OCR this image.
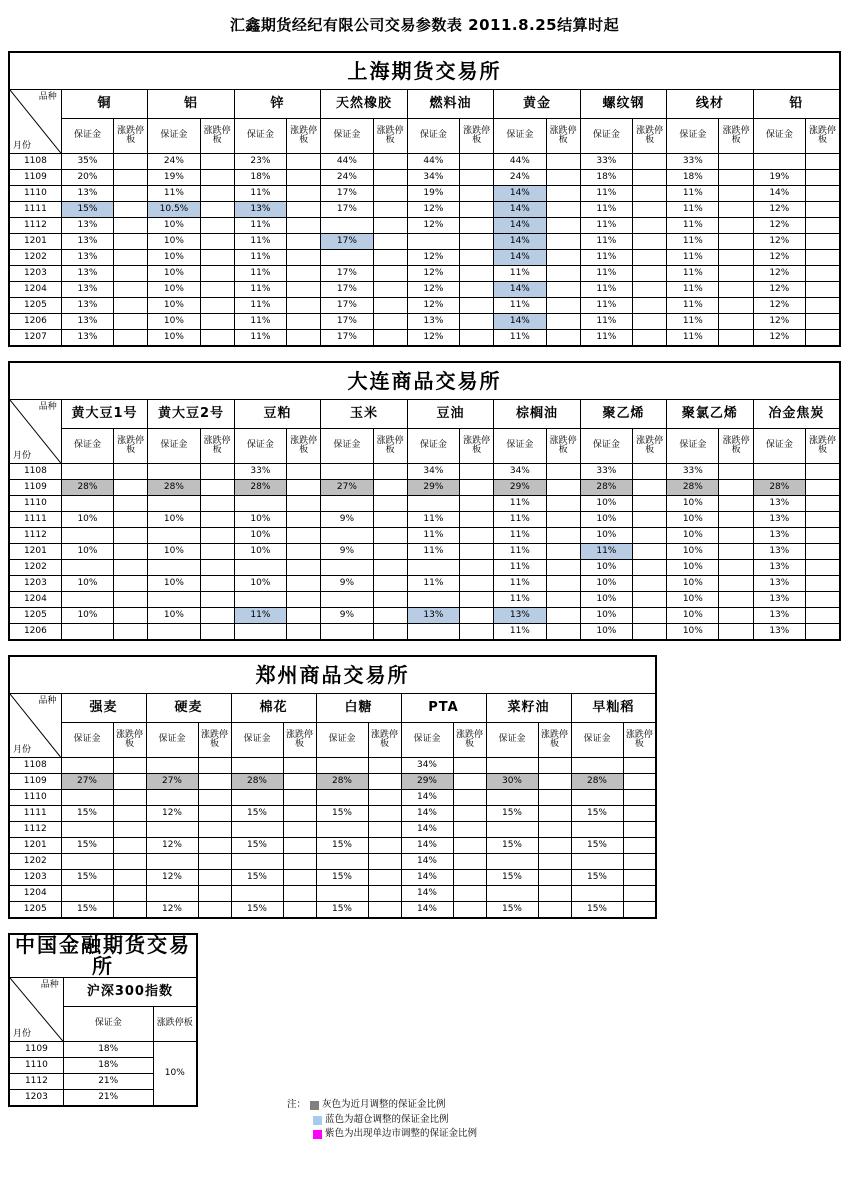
汇鑫期货经纪有限公司交易参数表 2011.8.25结算时起
上海期货交易所																		

品种
月份	铜		铝		锌		天然橡胶		燃料油		黄金		螺纹钢		线材		铅	
	保证金	涨跌停板	保证金	涨跌停板	保证金	涨跌停板	保证金	涨跌停板	保证金	涨跌停板	保证金	涨跌停板	保证金	涨跌停板	保证金	涨跌停板	保证金	涨跌停板
1108	35%		24%		23%		44%		44%		44%		33%		33%			
1109	20%		19%		18%		24%		34%		24%		18%		18%		19%	
1110	13%		11%		11%		17%		19%		14%		11%		11%		14%	
1111	15%		10.5%		13%		17%		12%		14%		11%		11%		12%	
1112	13%		10%		11%				12%		14%		11%		11%		12%	
1201	13%		10%		11%		17%				14%		11%		11%		12%	
1202	13%		10%		11%				12%		14%		11%		11%		12%	
1203	13%		10%		11%		17%		12%		11%		11%		11%		12%	
1204	13%		10%		11%		17%		12%		14%		11%		11%		12%	
1205	13%		10%		11%		17%		12%		11%		11%		11%		12%	
1206	13%		10%		11%		17%		13%		14%		11%		11%		12%	
1207	13%		10%		11%		17%		12%		11%		11%		11%		12%	
大连商品交易所																		

品种
月份	黄大豆1号		黄大豆2号		豆粕		玉米		豆油		棕榈油		聚乙烯		聚氯乙烯		冶金焦炭	
	保证金	涨跌停板	保证金	涨跌停板	保证金	涨跌停板	保证金	涨跌停板	保证金	涨跌停板	保证金	涨跌停板	保证金	涨跌停板	保证金	涨跌停板	保证金	涨跌停板
1108					33%				34%		34%		33%		33%			
1109	28%		28%		28%		27%		29%		29%		28%		28%		28%	
1110											11%		10%		10%		13%	
1111	10%		10%		10%		9%		11%		11%		10%		10%		13%	
1112					10%				11%		11%		10%		10%		13%	
1201	10%		10%		10%		9%		11%		11%		11%		10%		13%	
1202											11%		10%		10%		13%	
1203	10%		10%		10%		9%		11%		11%		10%		10%		13%	
1204											11%		10%		10%		13%	
1205	10%		10%		11%		9%		13%		13%		10%		10%		13%	
1206											11%		10%		10%		13%	
郑州商品交易所														

品种
月份	强麦		硬麦		棉花		白糖		PTA		菜籽油		早籼稻	
	保证金	涨跌停板	保证金	涨跌停板	保证金	涨跌停板	保证金	涨跌停板	保证金	涨跌停板	保证金	涨跌停板	保证金	涨跌停板
1108									34%					
1109	27%		27%		28%		28%		29%		30%		28%	
1110									14%					
1111	15%		12%		15%		15%		14%		15%		15%	
1112									14%					
1201	15%		12%		15%		15%		14%		15%		15%	
1202									14%					
1203	15%		12%		15%		15%		14%		15%		15%	
1204									14%					
1205	15%		12%		15%		15%		14%		15%		15%	
中国金融期货交易所		

品种
月份	沪深300指数	
	保证金	涨跌停板
1109	18%	10%
1110	18%	
1112	21%	
1203	21%	
注： 灰色为近月调整的保证金比例
蓝色为超仓调整的保证金比例
紫色为出现单边市调整的保证金比例
